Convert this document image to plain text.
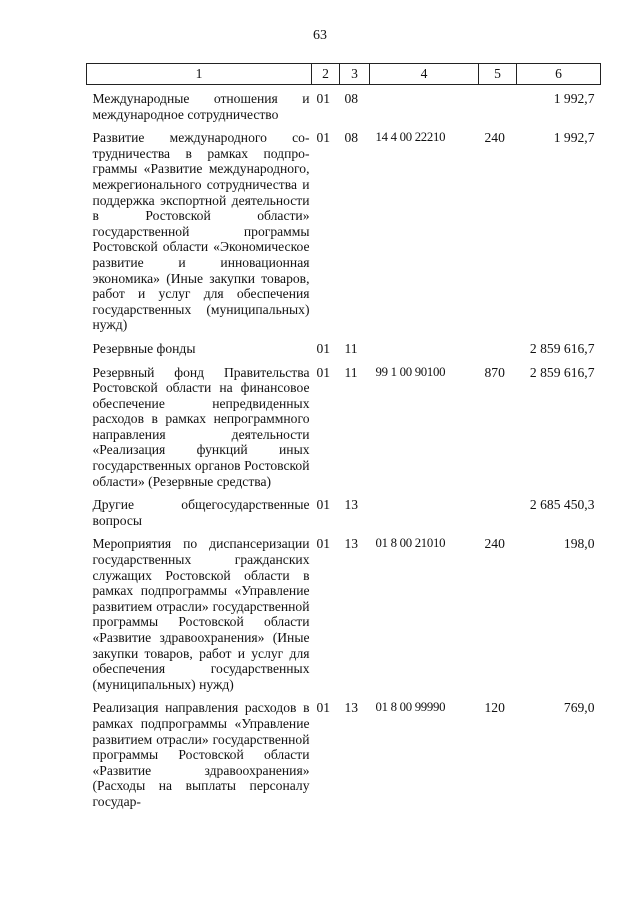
63
1	2	3	4	5	6
Международные отношения и международное сотрудничество	01	08			1 992,7
Развитие международного сотрудничества в рамках подпрограммы «Развитие международного, межрегионального сотрудничества и поддержка экспортной деятельности в Ростовской области» государственной программы Ростовской области «Экономическое развитие и инновационная экономика» (Иные закупки товаров, работ и услуг для обеспечения государственных (муниципальных) нужд)	01	08	14 4 00 22210	240	1 992,7
Резервные фонды	01	11			2 859 616,7
Резервный фонд Правительства Ростовской области на финансовое обеспечение непредвиденных расходов в рамках непрограммного направления деятельности «Реализация функций иных государственных органов Ростовской области» (Резервные средства)	01	11	99 1 00 90100	870	2 859 616,7
Другие общегосударственные вопросы	01	13			2 685 450,3
Мероприятия по диспансеризации государственных гражданских служащих Ростовской области в рамках подпрограммы «Управление развитием отрасли» государственной программы Ростовской области «Развитие здравоохранения» (Иные закупки товаров, работ и услуг для обеспечения государственных (муниципальных) нужд)	01	13	01 8 00 21010	240	198,0
Реализация направления расходов в рамках подпрограммы «Управление развитием отрасли» государственной программы Ростовской области «Развитие здравоохранения» (Расходы на выплаты персоналу государ-	01	13	01 8 00 99990	120	769,0
